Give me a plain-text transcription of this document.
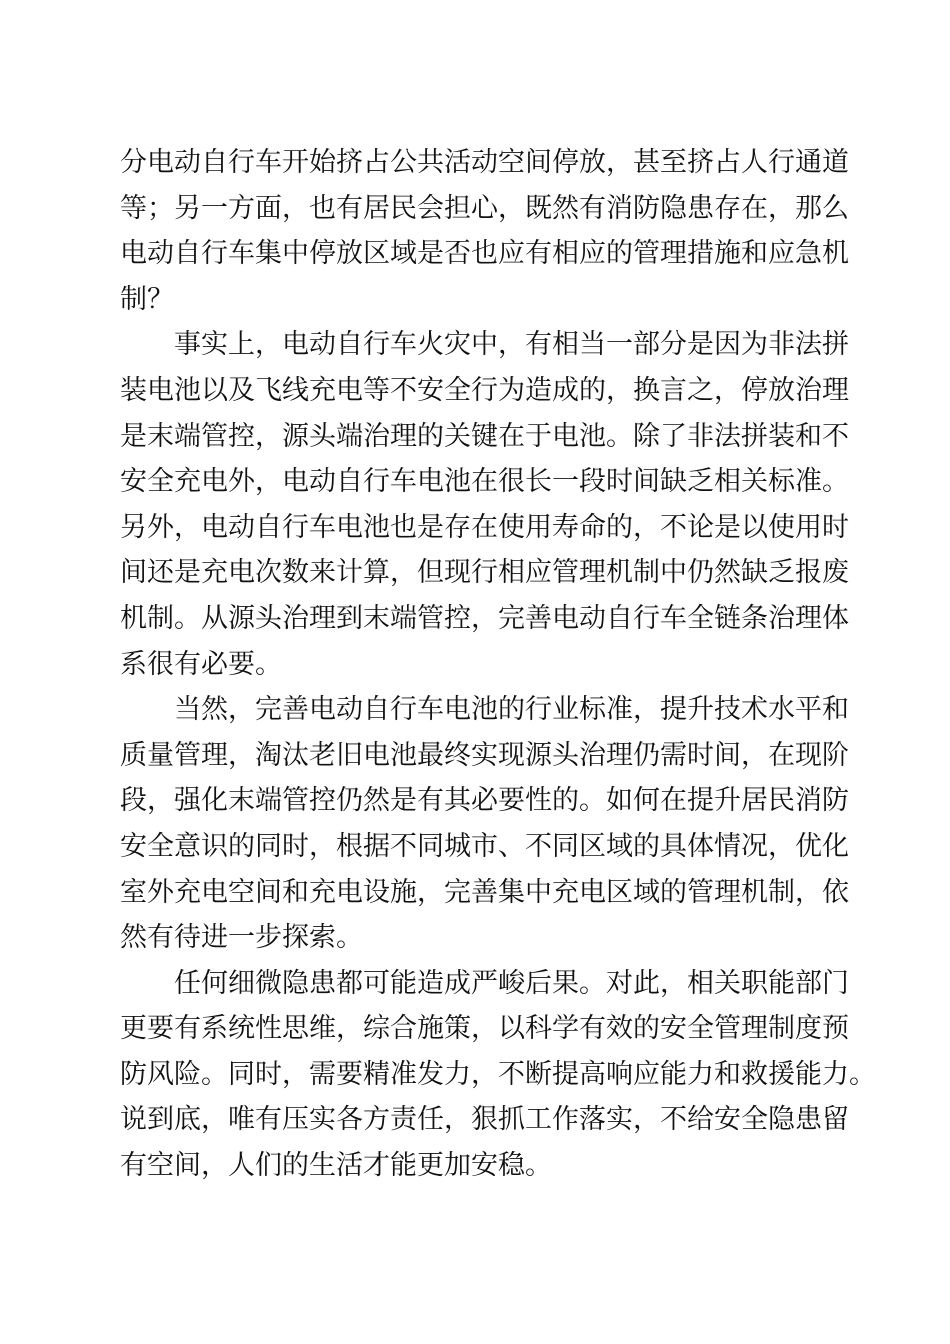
分电动自行车开始挤占公共活动空间停放，甚至挤占人行通道
等；另一方面，也有居民会担心，既然有消防隐患存在，那么
电动自行车集中停放区域是否也应有相应的管理措施和应急机
制？
事实上，电动自行车火灾中，有相当一部分是因为非法拼
装电池以及飞线充电等不安全行为造成的，换言之，停放治理
是末端管控，源头端治理的关键在于电池。除了非法拼装和不
安全充电外，电动自行车电池在很长一段时间缺乏相关标准。
另外，电动自行车电池也是存在使用寿命的，不论是以使用时
间还是充电次数来计算，但现行相应管理机制中仍然缺乏报废
机制。从源头治理到末端管控，完善电动自行车全链条治理体
系很有必要。
当然，完善电动自行车电池的行业标准，提升技术水平和
质量管理，淘汰老旧电池最终实现源头治理仍需时间，在现阶
段，强化末端管控仍然是有其必要性的。如何在提升居民消防
安全意识的同时，根据不同城市、不同区域的具体情况，优化
室外充电空间和充电设施，完善集中充电区域的管理机制，依
然有待进一步探索。
任何细微隐患都可能造成严峻后果。对此，相关职能部门
更要有系统性思维，综合施策，以科学有效的安全管理制度预
防风险。同时，需要精准发力，不断提高响应能力和救援能力。
说到底，唯有压实各方责任，狠抓工作落实，不给安全隐患留
有空间，人们的生活才能更加安稳。
